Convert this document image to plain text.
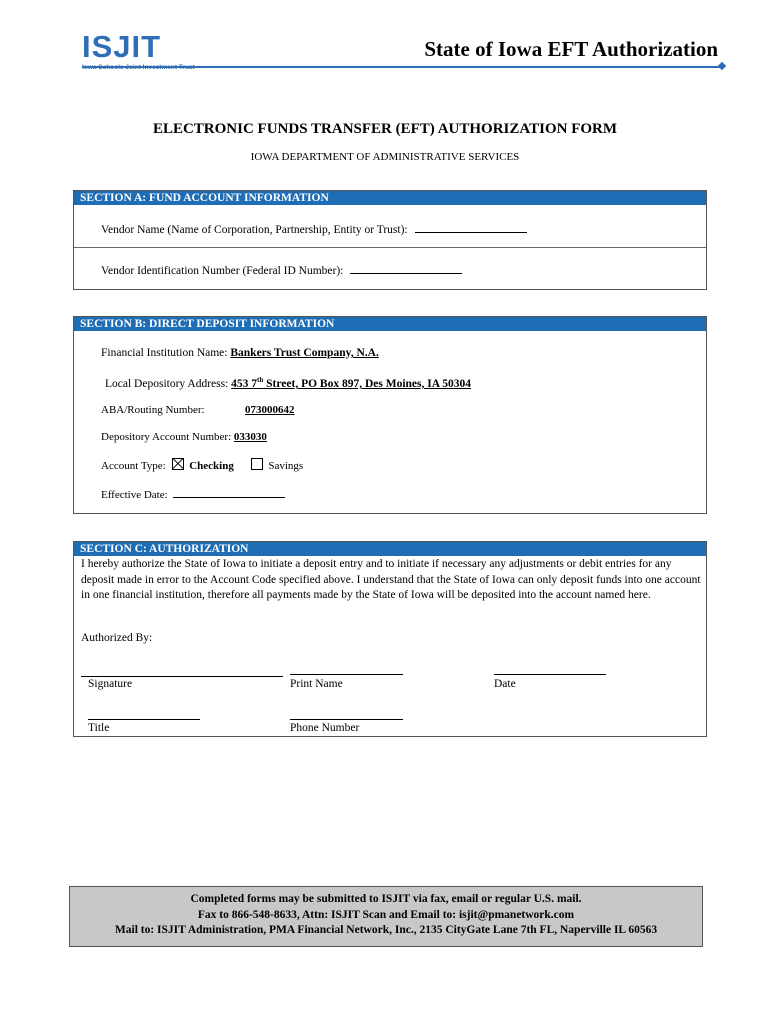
ISJIT	State of Iowa EFT Authorization
ELECTRONIC FUNDS TRANSFER (EFT) AUTHORIZATION FORM
IOWA DEPARTMENT OF ADMINISTRATIVE SERVICES
SECTION A: FUND ACCOUNT INFORMATION
Vendor Name (Name of Corporation, Partnership, Entity or Trust):
Vendor Identification Number (Federal ID Number):
SECTION B: DIRECT DEPOSIT INFORMATION
Financial Institution Name: Bankers Trust Company, N.A.
Local Depository Address: 453 7th Street, PO Box 897, Des Moines, IA 50304
ABA/Routing Number:	073000642
Depository Account Number: 033030
Account Type: Checking	Savings
Effective Date:
SECTION C: AUTHORIZATION
I hereby authorize the State of Iowa to initiate a deposit entry and to initiate if necessary any adjustments or debit entries for any deposit made in error to the Account Code specified above. I understand that the State of Iowa can only deposit funds into one account in one financial institution, therefore all payments made by the State of Iowa will be deposited into the account named here.
Authorized By:
Signature	Print Name	Date
Title	Phone Number
Completed forms may be submitted to ISJIT via fax, email or regular U.S. mail.
Fax to 866-548-8633, Attn: ISJIT Scan and Email to: isjit@pmanetwork.com
Mail to: ISJIT Administration, PMA Financial Network, Inc., 2135 CityGate Lane 7th FL, Naperville IL 60563
